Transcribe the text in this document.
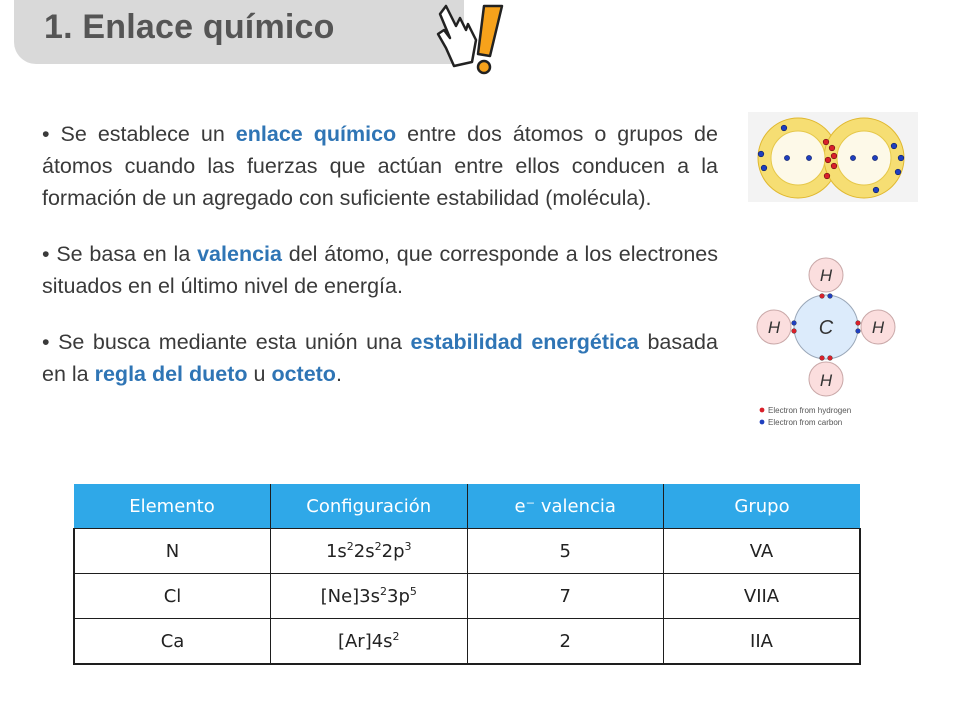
1. Enlace químico

• Se establece un enlace químico entre dos átomos o grupos de átomos cuando las fuerzas que actúan entre ellos conducen a la formación de un agregado con suficiente estabilidad (molécula).

• Se basa en la valencia del átomo, que corresponde a los electrones situados en el último nivel de energía.

• Se busca mediante esta unión una estabilidad energética basada en la regla del dueto u octeto.

C
H
H
H	H
Electron from hydrogen
Electron from carbon
Elemento	Configuración	e⁻ valencia	Grupo
N	$1s^22s^22p^3$	5	VA
Cl	$[Ne]3s^23p^5$	7	VIIA
Ca	$[Ar]4s^2$	2	IIA
